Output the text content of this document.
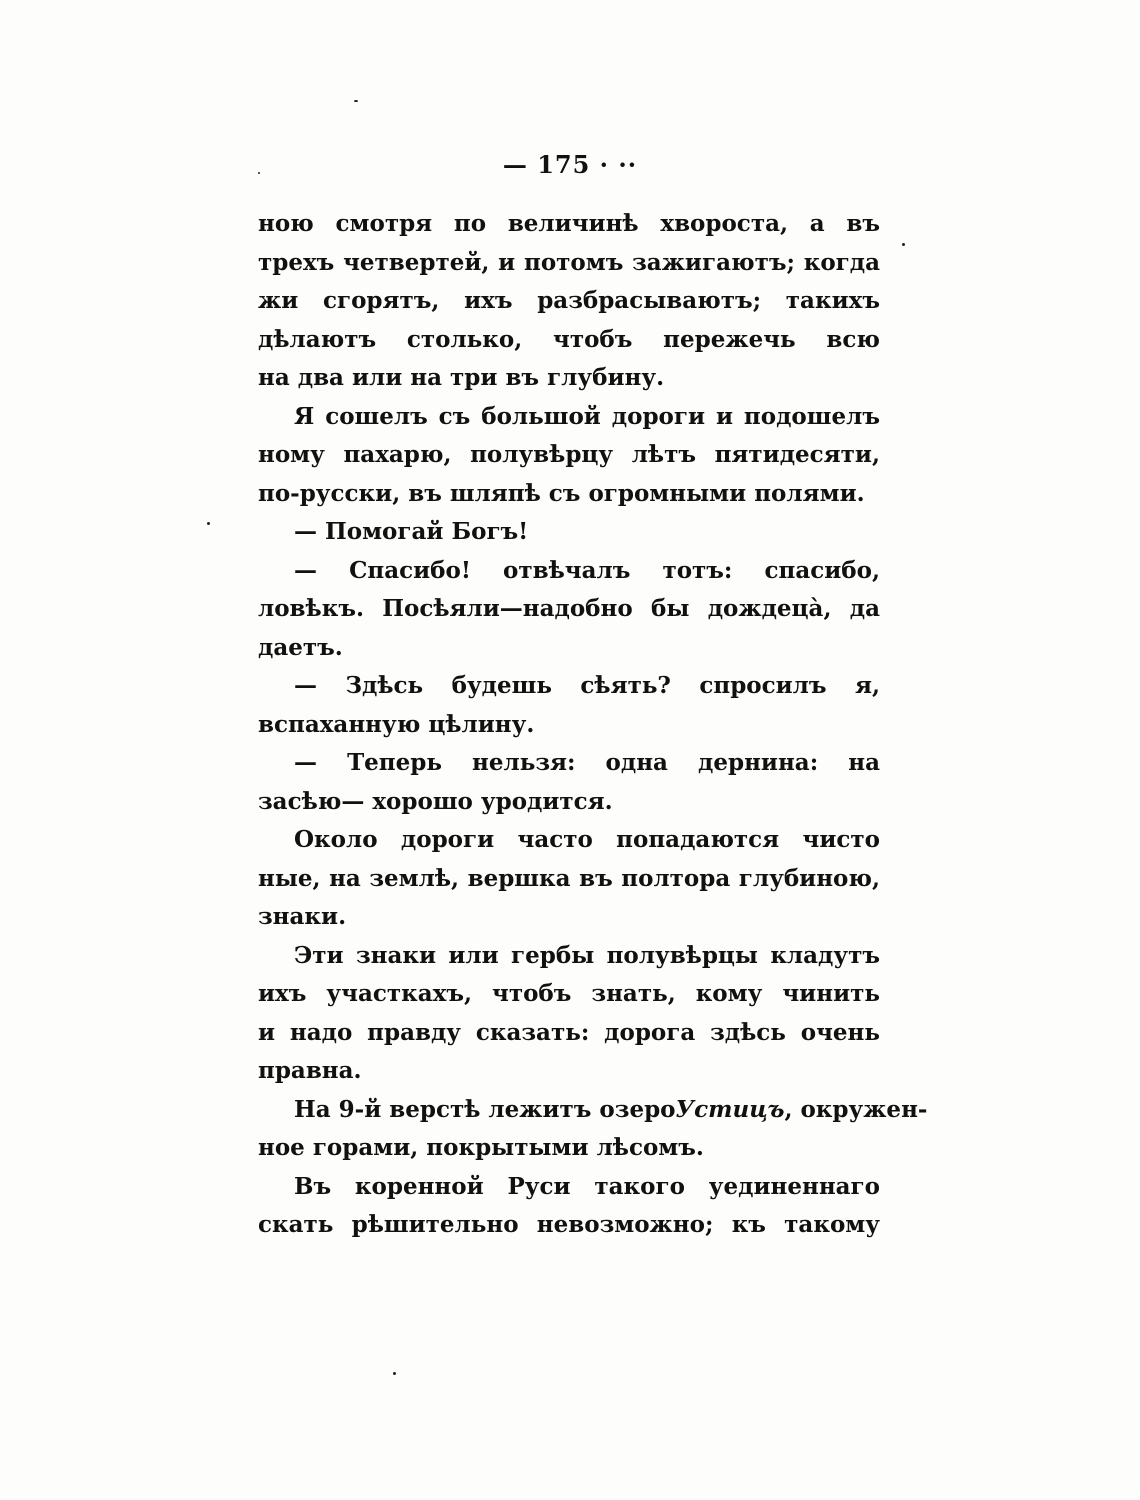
— 175 · ··
ною смотря по величинѣ хвороста, а въ
трехъ четвертей, и потомъ зажигаютъ; когда
жи сгорятъ, ихъ разбрасываютъ; такихъ
дѣлаютъ столько, чтобъ пережечь всю
на два или на три въ глубину.
Я сошелъ съ большой дороги и подошелъ
ному пахарю, полувѣрцу лѣтъ пятидесяти,
по-русски, въ шляпѣ съ огромными полями.
— Помогай Богъ!
— Спасибо! отвѣчалъ тотъ: спасибо,
ловѣкъ. Посѣяли—надобно бы дождецà, да
даетъ.
— Здѣсь будешь сѣять? спросилъ я,
вспаханную цѣлину.
— Теперь нельзя: одна дернина: на
засѣю— хорошо уродится.
Около дороги часто попадаются чисто
ные, на землѣ, вершка въ полтора глубиною,
знаки.
Эти знаки или гербы полувѣрцы кладутъ
ихъ участкахъ, чтобъ знать, кому чинить
и надо правду сказать: дорога здѣсь очень
правна.
На 9-й верстѣ лежитъ озеро Устицъ , окружен-
ное горами, покрытыми лѣсомъ.
Въ коренной Руси такого уединеннаго
скать рѣшительно невозможно; къ такому
